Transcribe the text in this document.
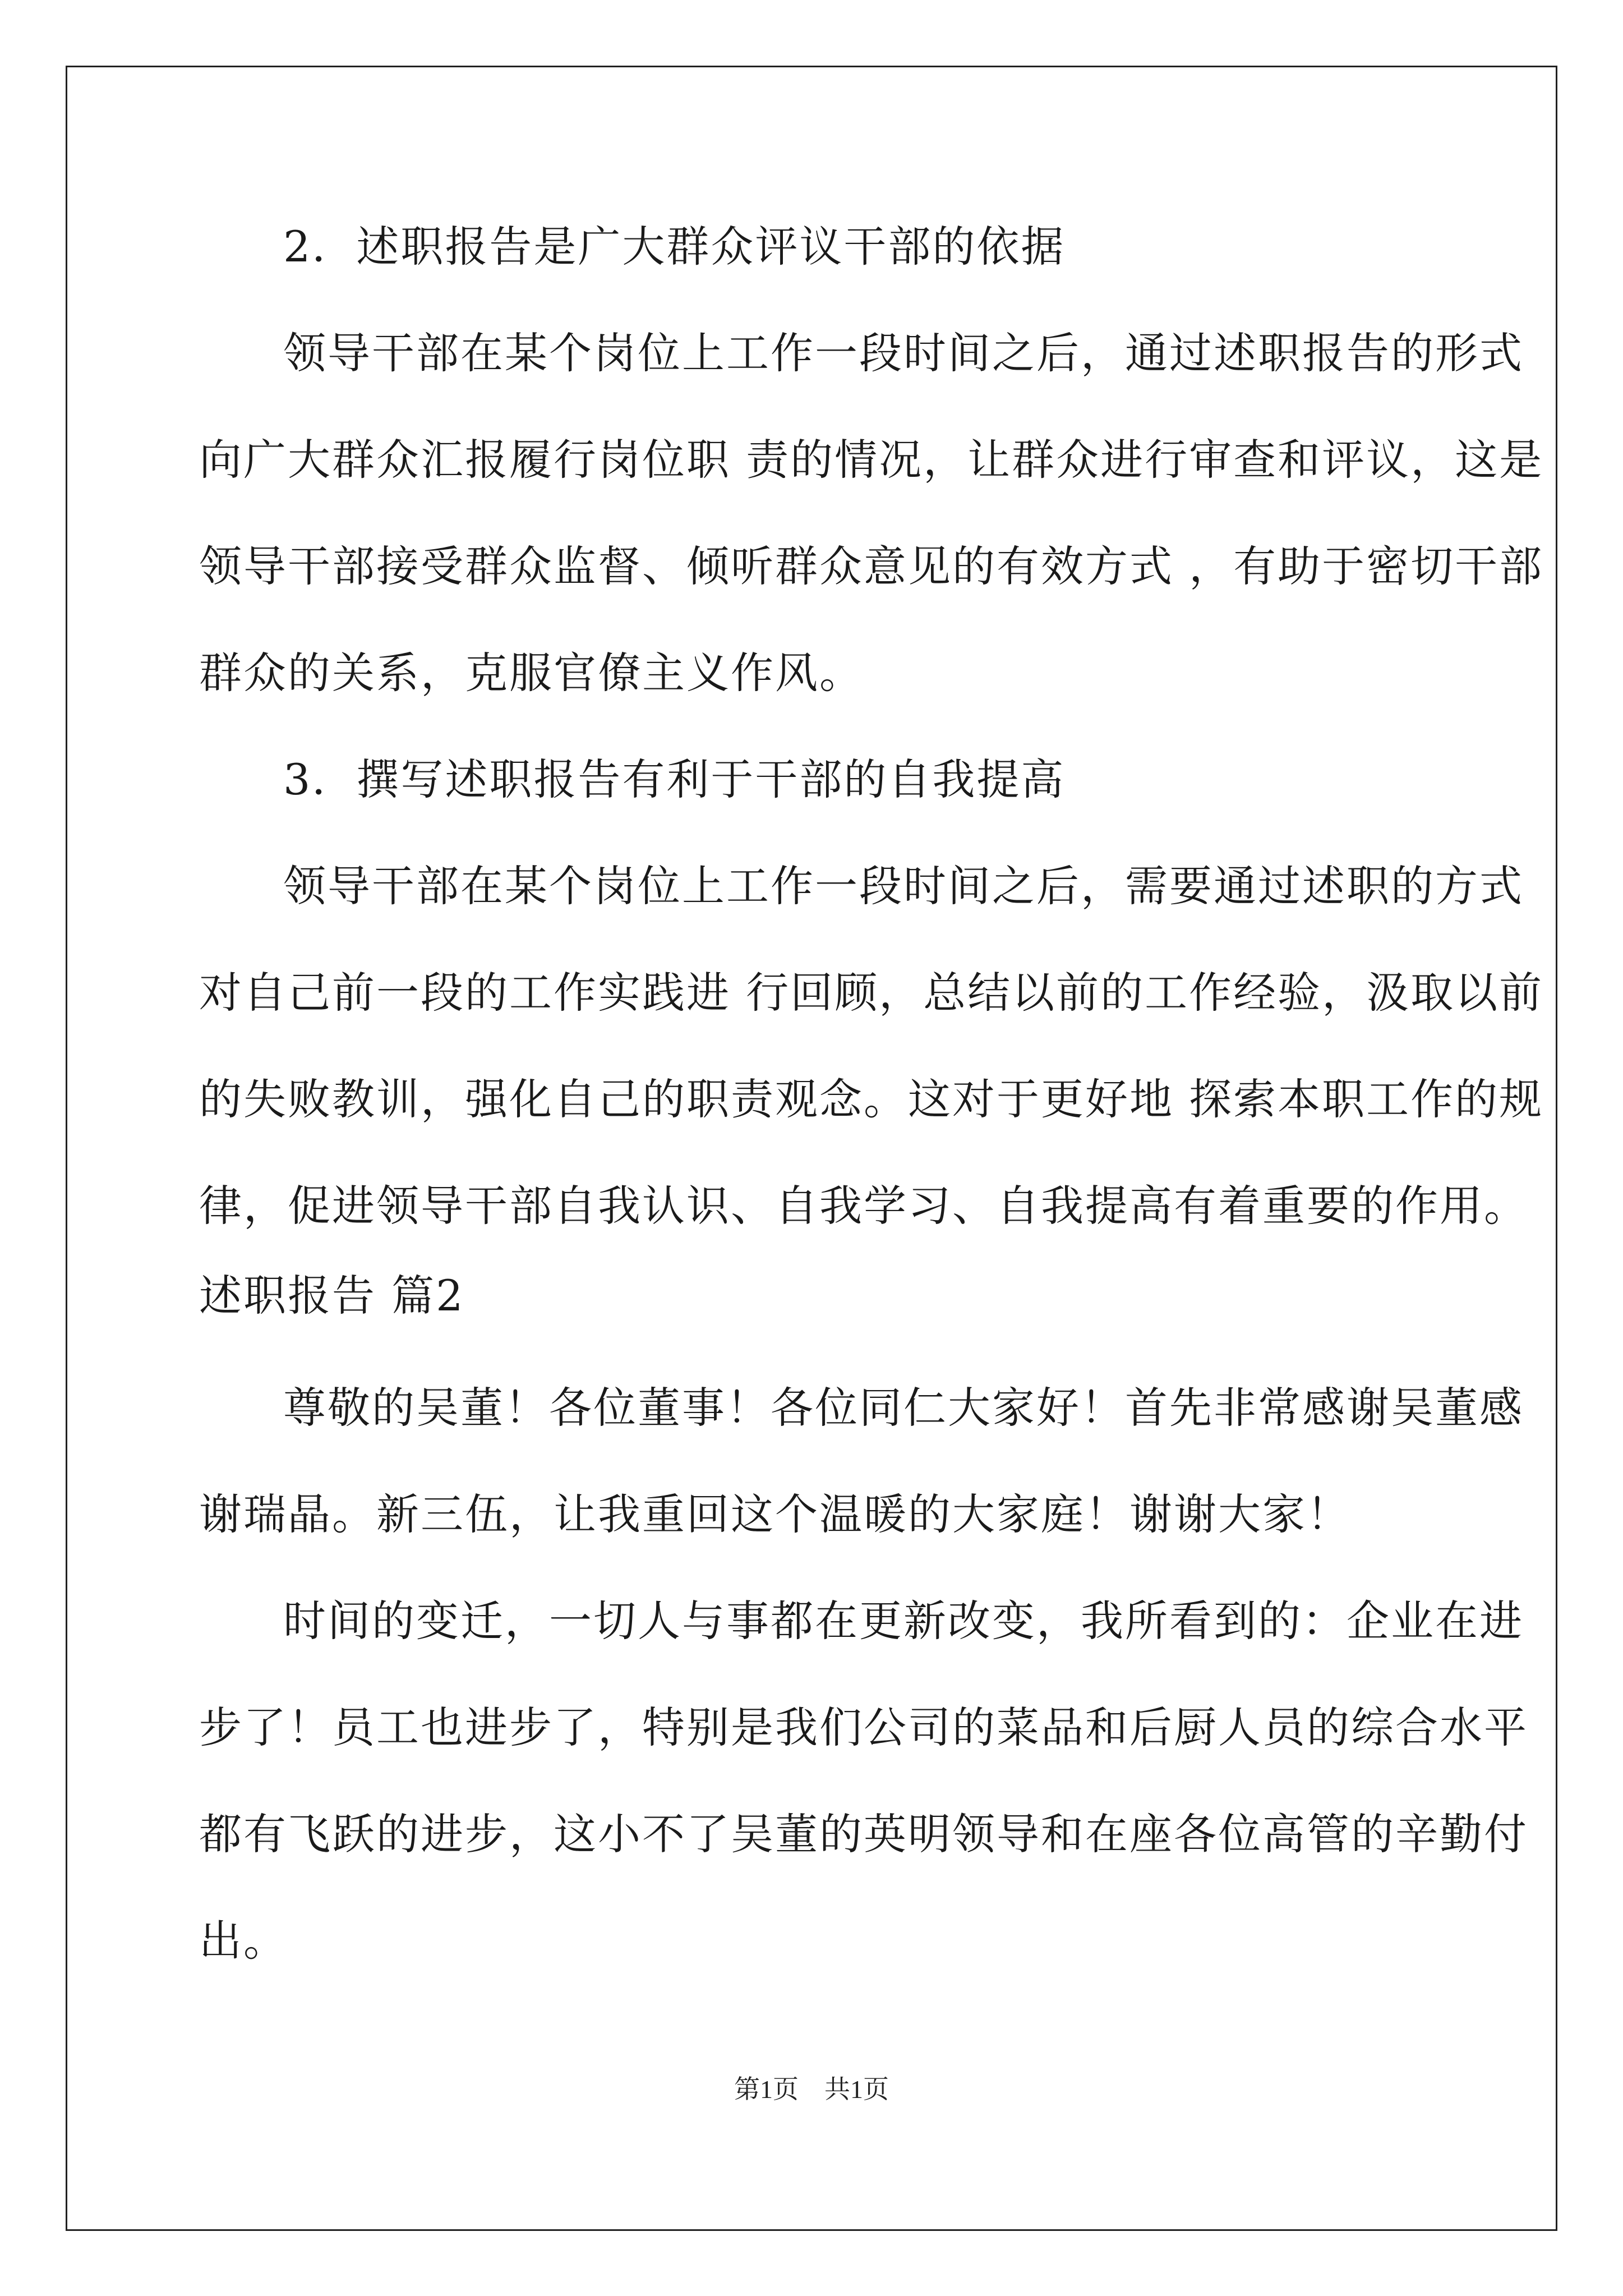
2．述职报告是广大群众评议干部的依据
领导干部在某个岗位上工作一段时间之后，通过述职报告的形式
向广大群众汇报履行岗位职 责的情况，让群众进行审查和评议，这是
领导干部接受群众监督、倾听群众意见的有效方式 ，有助于密切干部
群众的关系，克服官僚主义作风。
3．撰写述职报告有利于干部的自我提高
领导干部在某个岗位上工作一段时间之后，需要通过述职的方式
对自己前一段的工作实践进 行回顾，总结以前的工作经验，汲取以前
的失败教训，强化自己的职责观念。这对于更好地 探索本职工作的规
律，促进领导干部自我认识、自我学习、自我提高有着重要的作用。
述职报告 篇2
尊敬的吴董！各位董事！各位同仁大家好！首先非常感谢吴董感
谢瑞晶。新三伍，让我重回这个温暖的大家庭！谢谢大家！
时间的变迁，一切人与事都在更新改变，我所看到的：企业在进
步了！员工也进步了，特别是我们公司的菜品和后厨人员的综合水平
都有飞跃的进步，这小不了吴董的英明领导和在座各位高管的辛勤付
出。
第1页　共1页
